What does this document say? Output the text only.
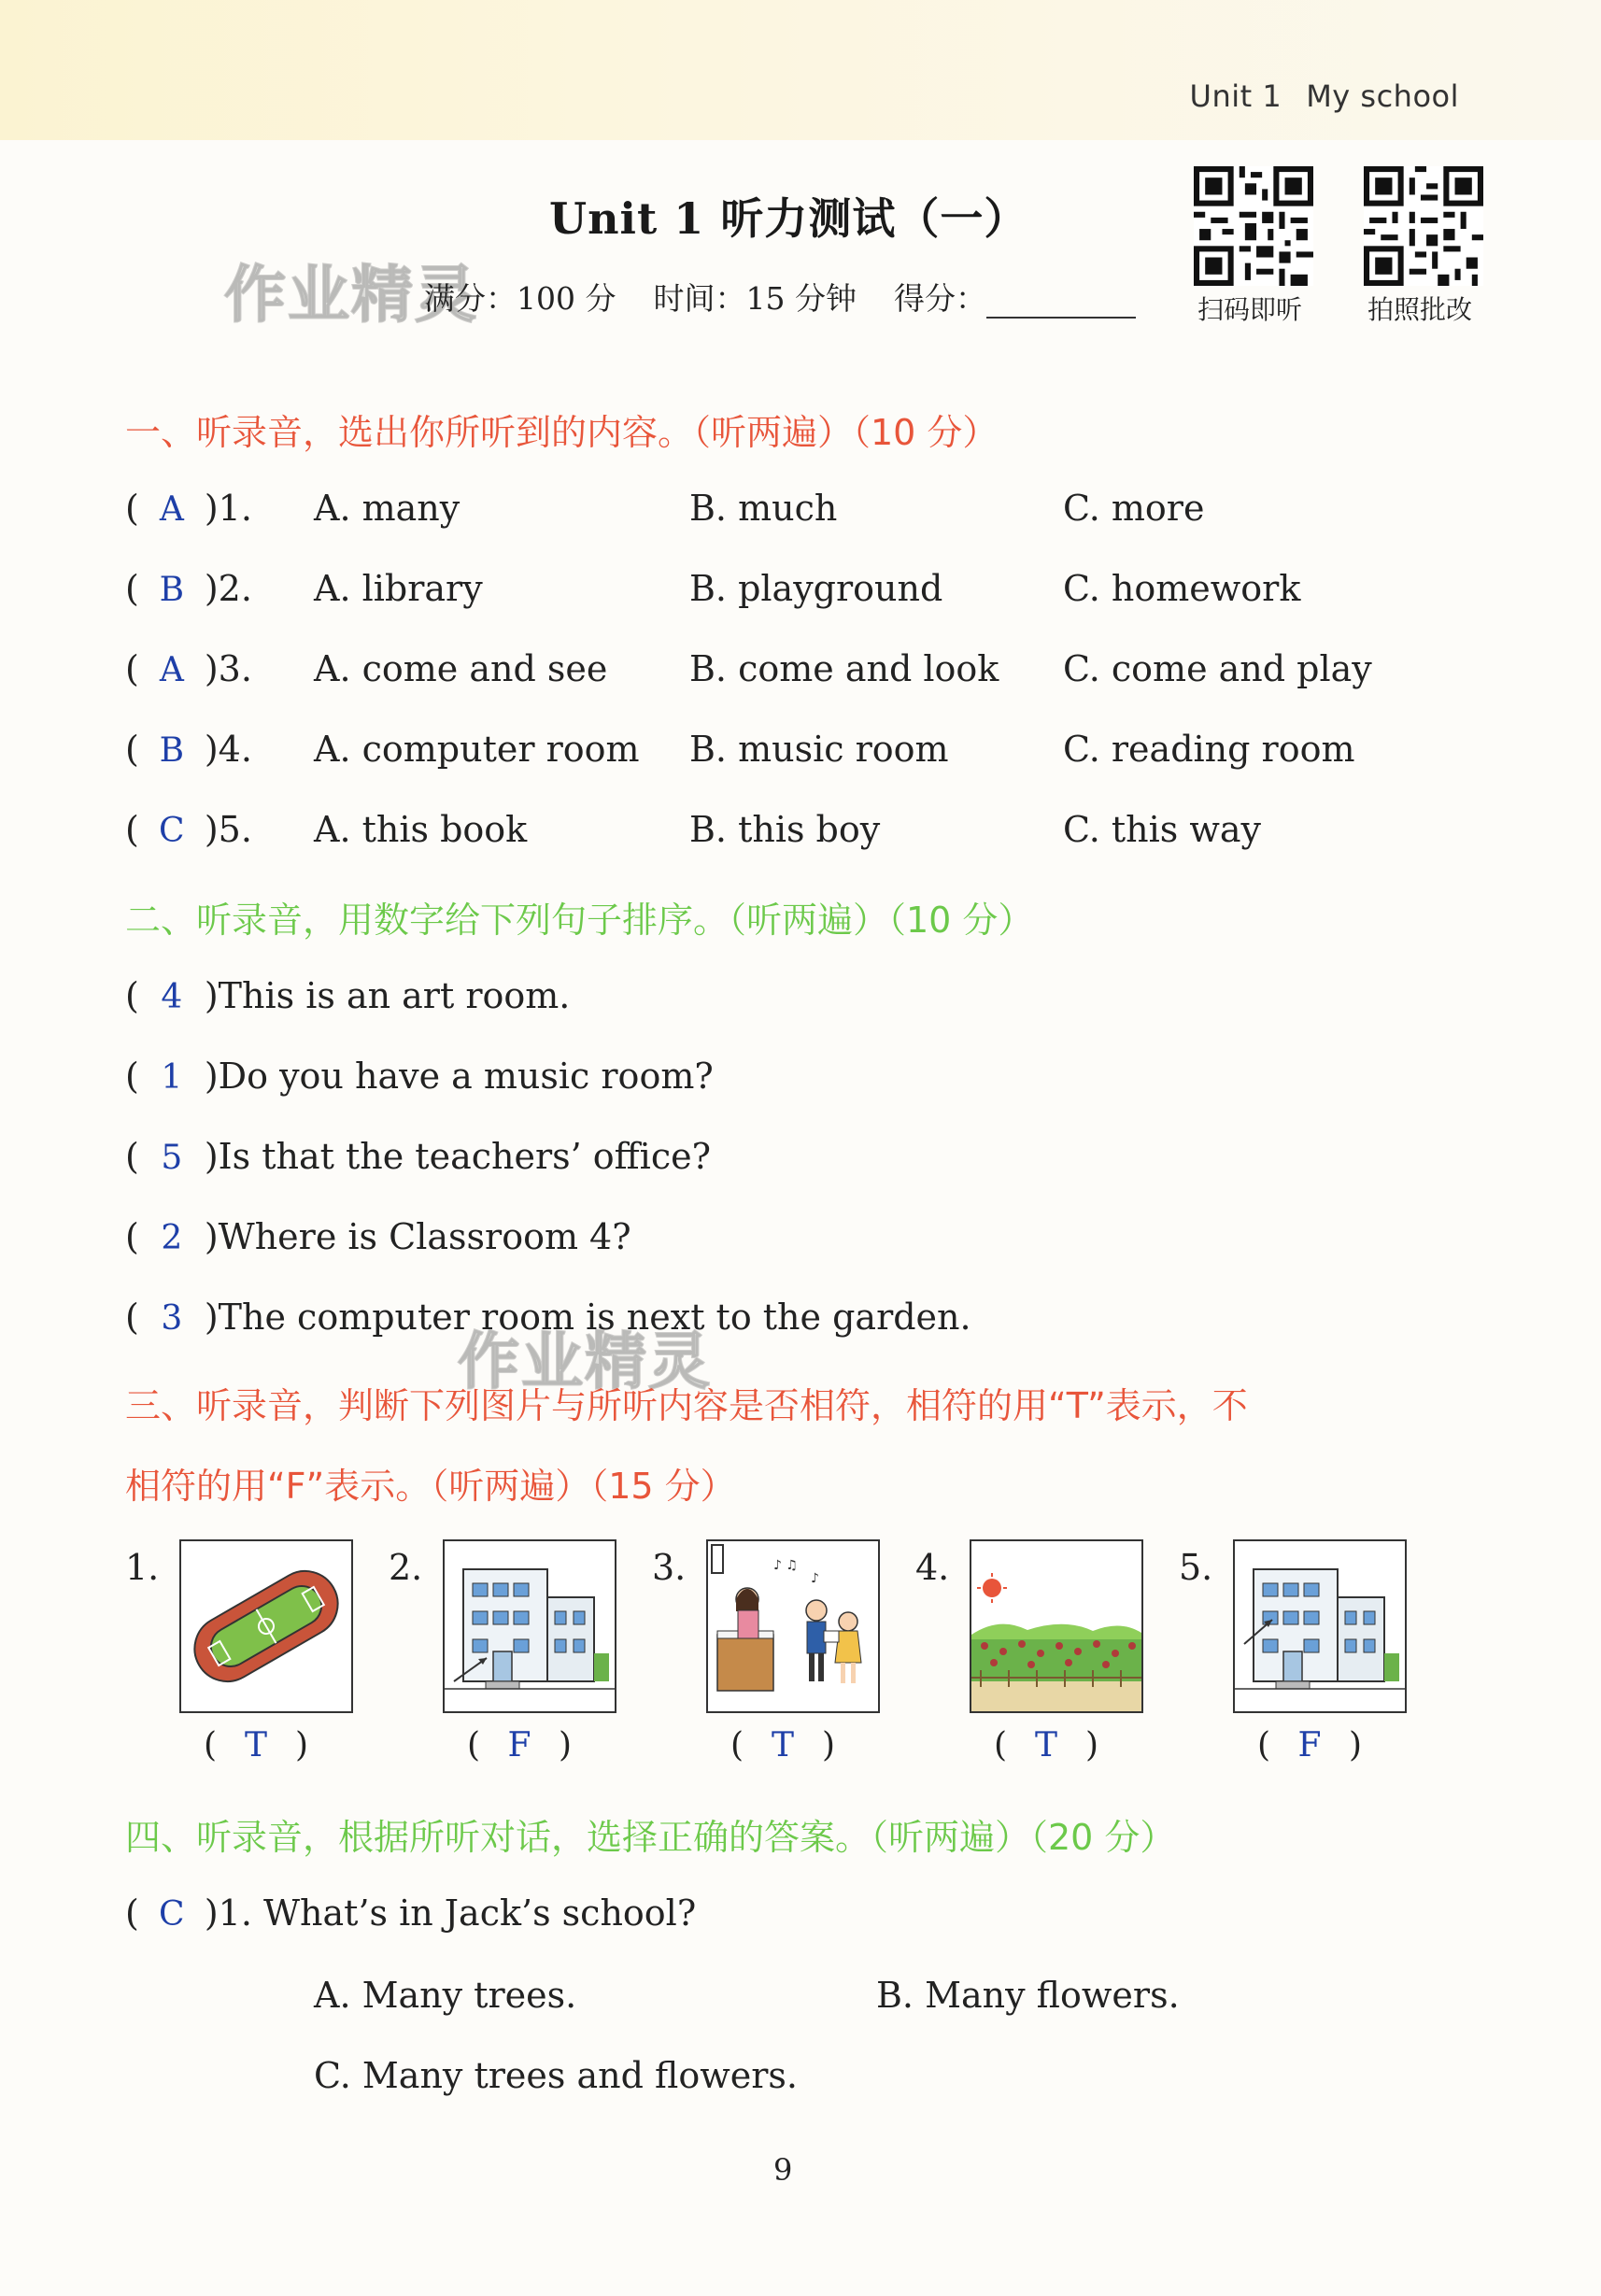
Unit 1 My school
Unit 1 听力测试（一）
作业精灵
作业精灵
满分：100 分 时间：15 分钟 得分：	扫码即听 拍照批改
一、听录音，选出你所听到的内容。（听两遍）（10 分）
( A )1. A. many	B. much	C. more
( B )2. A. library	B. playground	C. homework
( A )3. A. come and see B. come and look C. come and play
( B )4. A. computer room B. music room	C. reading room
( C )5. A. this book	B. this boy	C. this way
二、听录音，用数字给下列句子排序。（听两遍）（10 分）
( 4 )This is an art room.
( 1 )Do you have a music room?
( 5 )Is that the teachers’ office?
( 2 )Where is Classroom 4?
( 3 )The computer room is next to the garden.
三、听录音，判断下列图片与所听内容是否相符，相符的用“T”表示，不
相符的用“F”表示。（听两遍）（15 分）
1.	2.	3.	4.	5.
♪ ♫
♪
( T )	( F )	( T )	( T )	( F )
四、听录音，根据所听对话，选择正确的答案。（听两遍）（20 分）
( C )1. What’s in Jack’s school?
A. Many trees.	B. Many flowers.
C. Many trees and flowers.
9
